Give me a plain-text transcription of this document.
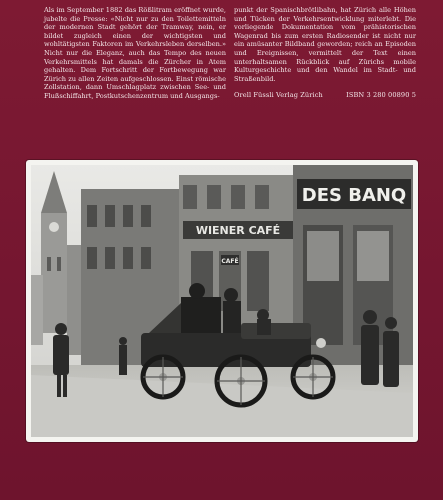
Als im September 1882 das Rößlitram eröffnet wurde, jubelte die Presse: «Nicht nur zu den Toilettemitteln der modernen Stadt gehört der Tramway, nein, er bildet zugleich einen der wichtigsten und wohltätigsten Faktoren im Verkehrsleben derselben.» Nicht nur die Eleganz, auch das Tempo des neuen Verkehrsmittels hat damals die Zürcher in Atem gehalten. Dem Fortschritt der Fortbewegung war Zürich zu allen Zeiten aufgeschlossen. Einst römische Zollstation, dann Umschlagplatz zwischen See- und Flußschiffahrt, Postkutschenzentrum und Ausgangs-

punkt der Spanischbrötlibahn, hat Zürich alle Höhen und Tücken der Verkehrsentwicklung miterlebt. Die vorliegende Dokumentation vom prähistorischen Wagenrad bis zum ersten Radiosender ist nicht nur ein amüsanter Bildband geworden; reich an Episoden und Ereignissen, vermittelt der Text einen unterhaltsamen Rückblick auf Zürichs mobile Kulturgeschichte und den Wandel im Stadt- und Straßenbild.

Orell Füssli Verlag Zürich	ISBN 3 280 00890 5
WIENER CAFÉ
CAFÉ
DES BANQ
